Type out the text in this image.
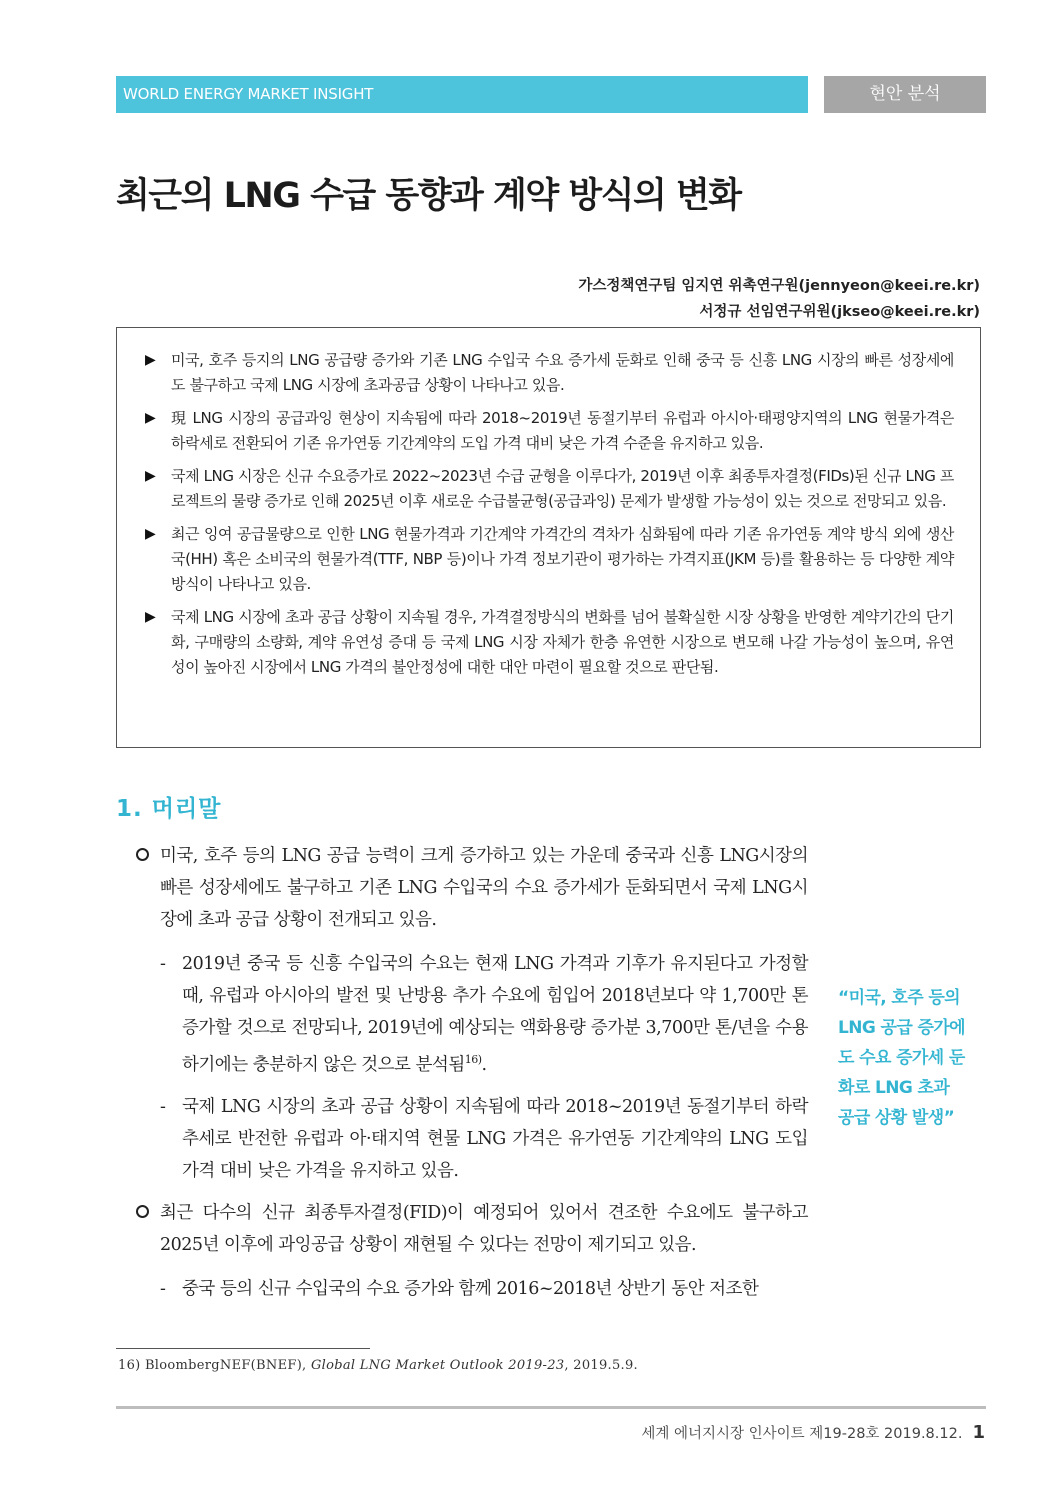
WORLD ENERGY MARKET INSIGHT	현안 분석
최근의 LNG 수급 동향과 계약 방식의 변화
가스정책연구팀 임지연 위촉연구원(jennyeon@keei.re.kr)
서정규 선임연구위원(jkseo@keei.re.kr)
▶ 미국, 호주 등지의 LNG 공급량 증가와 기존 LNG 수입국 수요 증가세 둔화로 인해 중국 등 신흥 LNG 시장의 빠른 성장세에도 불구하고 국제 LNG 시장에 초과공급 상황이 나타나고 있음.
▶ 現 LNG 시장의 공급과잉 현상이 지속됨에 따라 2018~2019년 동절기부터 유럽과 아시아·태평양지역의 LNG 현물가격은 하락세로 전환되어 기존 유가연동 기간계약의 도입 가격 대비 낮은 가격 수준을 유지하고 있음.
▶ 국제 LNG 시장은 신규 수요증가로 2022~2023년 수급 균형을 이루다가, 2019년 이후 최종투자결정(FIDs)된 신규 LNG 프로젝트의 물량 증가로 인해 2025년 이후 새로운 수급불균형(공급과잉) 문제가 발생할 가능성이 있는 것으로 전망되고 있음.
▶ 최근 잉여 공급물량으로 인한 LNG 현물가격과 기간계약 가격간의 격차가 심화됨에 따라 기존 유가연동 계약 방식 외에 생산국(HH) 혹은 소비국의 현물가격(TTF, NBP 등)이나 가격 정보기관이 평가하는 가격지표(JKM 등)를 활용하는 등 다양한 계약 방식이 나타나고 있음.
▶ 국제 LNG 시장에 초과 공급 상황이 지속될 경우, 가격결정방식의 변화를 넘어 불확실한 시장 상황을 반영한 계약기간의 단기화, 구매량의 소량화, 계약 유연성 증대 등 국제 LNG 시장 자체가 한층 유연한 시장으로 변모해 나갈 가능성이 높으며, 유연성이 높아진 시장에서 LNG 가격의 불안정성에 대한 대안 마련이 필요할 것으로 판단됨.
1. 머리말
미국, 호주 등의 LNG 공급 능력이 크게 증가하고 있는 가운데 중국과 신흥 LNG시장의 빠른 성장세에도 불구하고 기존 LNG 수입국의 수요 증가세가 둔화되면서 국제 LNG시장에 초과 공급 상황이 전개되고 있음.
- 2019년 중국 등 신흥 수입국의 수요는 현재 LNG 가격과 기후가 유지된다고 가정할 때, 유럽과 아시아의 발전 및 난방용 추가 수요에 힘입어 2018년보다 약 1,700만 톤 증가할 것으로 전망되나, 2019년에 예상되는 액화용량 증가분 3,700만 톤/년을 수용하기에는 충분하지 않은 것으로 분석됨$^{16)}$.
- 국제 LNG 시장의 초과 공급 상황이 지속됨에 따라 2018~2019년 동절기부터 하락 추세로 반전한 유럽과 아·태지역 현물 LNG 가격은 유가연동 기간계약의 LNG 도입 가격 대비 낮은 가격을 유지하고 있음.
최근 다수의 신규 최종투자결정(FID)이 예정되어 있어서 견조한 수요에도 불구하고 2025년 이후에 과잉공급 상황이 재현될 수 있다는 전망이 제기되고 있음.
- 중국 등의 신규 수입국의 수요 증가와 함께 2016~2018년 상반기 동안 저조한
“미국, 호주 등의 LNG 공급 증가에도 수요 증가세 둔화로 LNG 초과 공급 상황 발생”
16) BloombergNEF(BNEF), Global LNG Market Outlook 2019-23, 2019.5.9.
세계 에너지시장 인사이트 제19-28호 2019.8.12. 1
